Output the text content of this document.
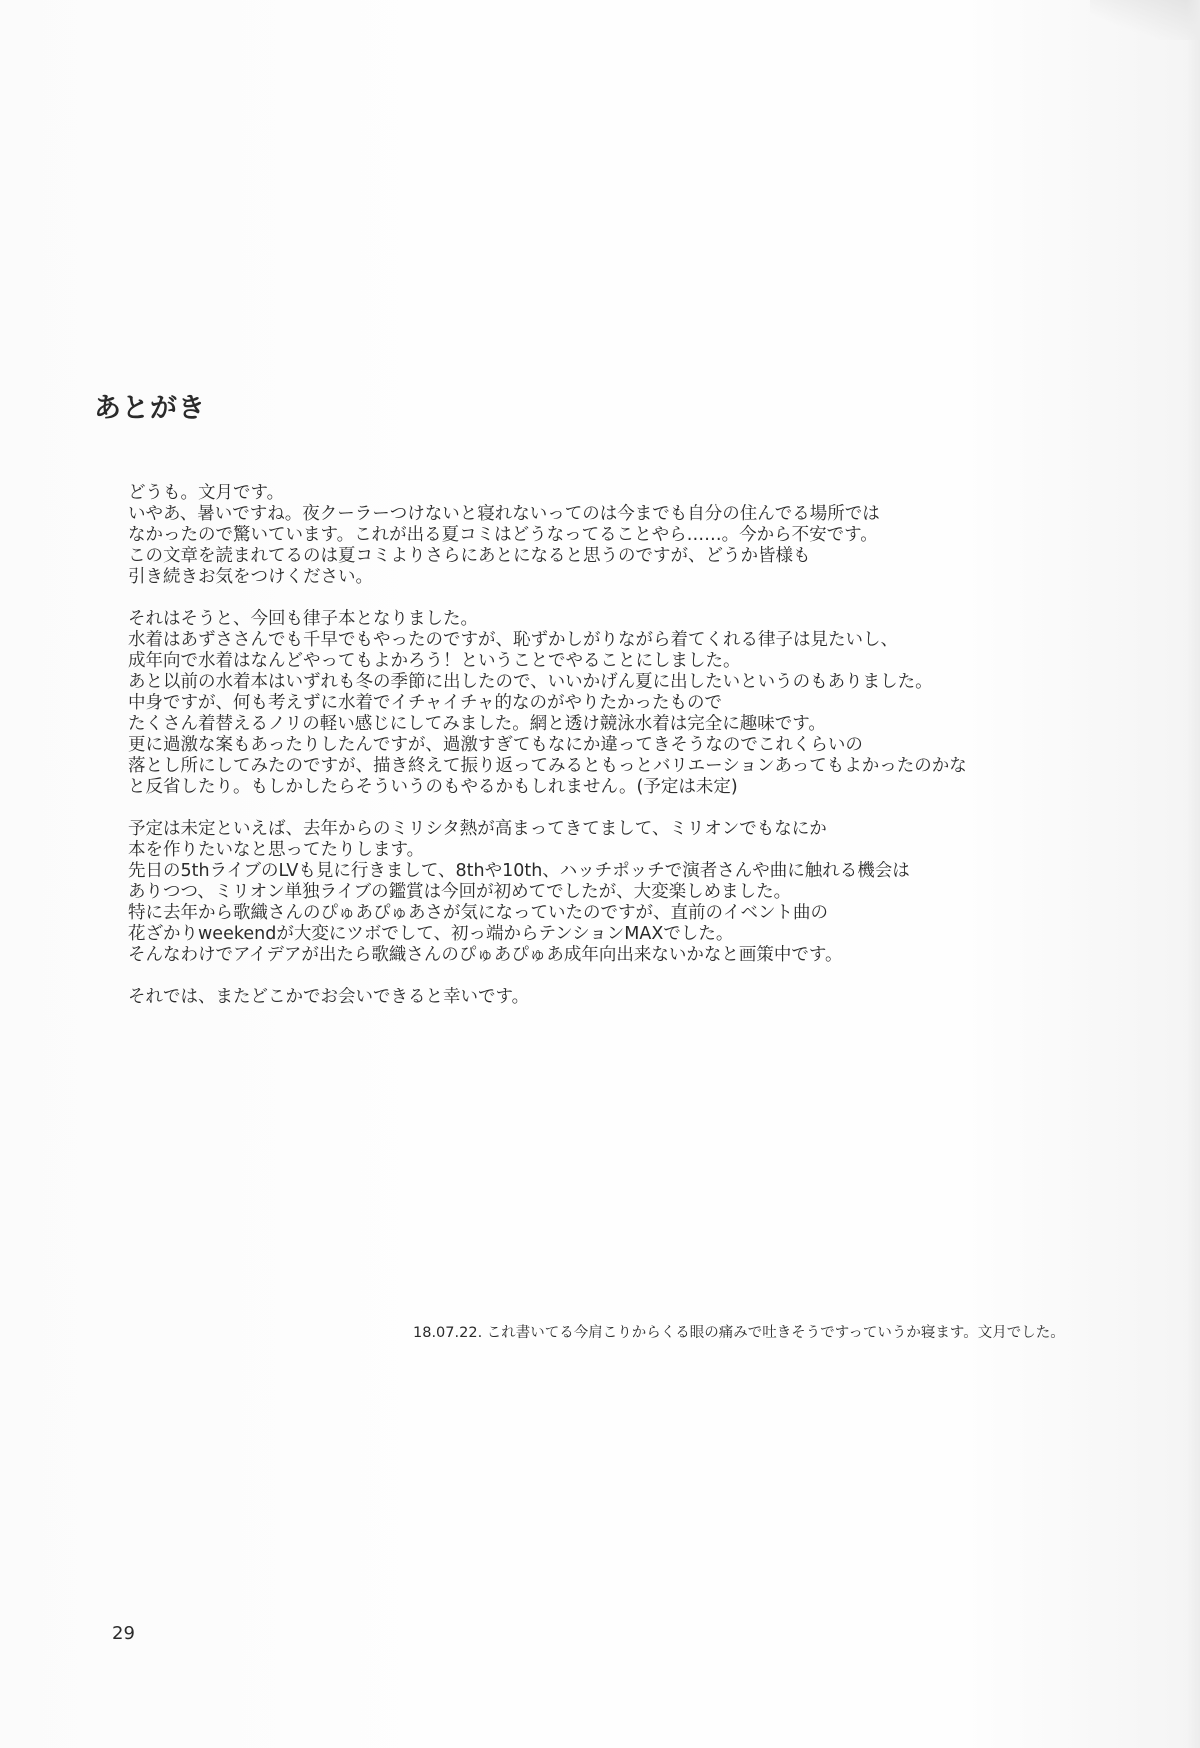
あとがき
どうも。文月です。
いやあ、暑いですね。夜クーラーつけないと寝れないってのは今までも自分の住んでる場所では
なかったので驚いています。これが出る夏コミはどうなってることやら……。今から不安です。
この文章を読まれてるのは夏コミよりさらにあとになると思うのですが、どうか皆様も
引き続きお気をつけください。
それはそうと、今回も律子本となりました。
水着はあずささんでも千早でもやったのですが、恥ずかしがりながら着てくれる律子は見たいし、
成年向で水着はなんどやってもよかろう！ということでやることにしました。
あと以前の水着本はいずれも冬の季節に出したので、いいかげん夏に出したいというのもありました。
中身ですが、何も考えずに水着でイチャイチャ的なのがやりたかったもので
たくさん着替えるノリの軽い感じにしてみました。網と透け競泳水着は完全に趣味です。
更に過激な案もあったりしたんですが、過激すぎてもなにか違ってきそうなのでこれくらいの
落とし所にしてみたのですが、描き終えて振り返ってみるともっとバリエーションあってもよかったのかな
と反省したり。もしかしたらそういうのもやるかもしれません。(予定は未定)
予定は未定といえば、去年からのミリシタ熱が高まってきてまして、ミリオンでもなにか
本を作りたいなと思ってたりします。
先日の5thライブのLVも見に行きまして、8thや10th、ハッチポッチで演者さんや曲に触れる機会は
ありつつ、ミリオン単独ライブの鑑賞は今回が初めてでしたが、大変楽しめました。
特に去年から歌織さんのぴゅあぴゅあさが気になっていたのですが、直前のイベント曲の
花ざかりweekendが大変にツボでして、初っ端からテンションMAXでした。
そんなわけでアイデアが出たら歌織さんのぴゅあぴゅあ成年向出来ないかなと画策中です。
それでは、またどこかでお会いできると幸いです。
18.07.22. これ書いてる今肩こりからくる眼の痛みで吐きそうですっていうか寝ます。文月でした。
29
